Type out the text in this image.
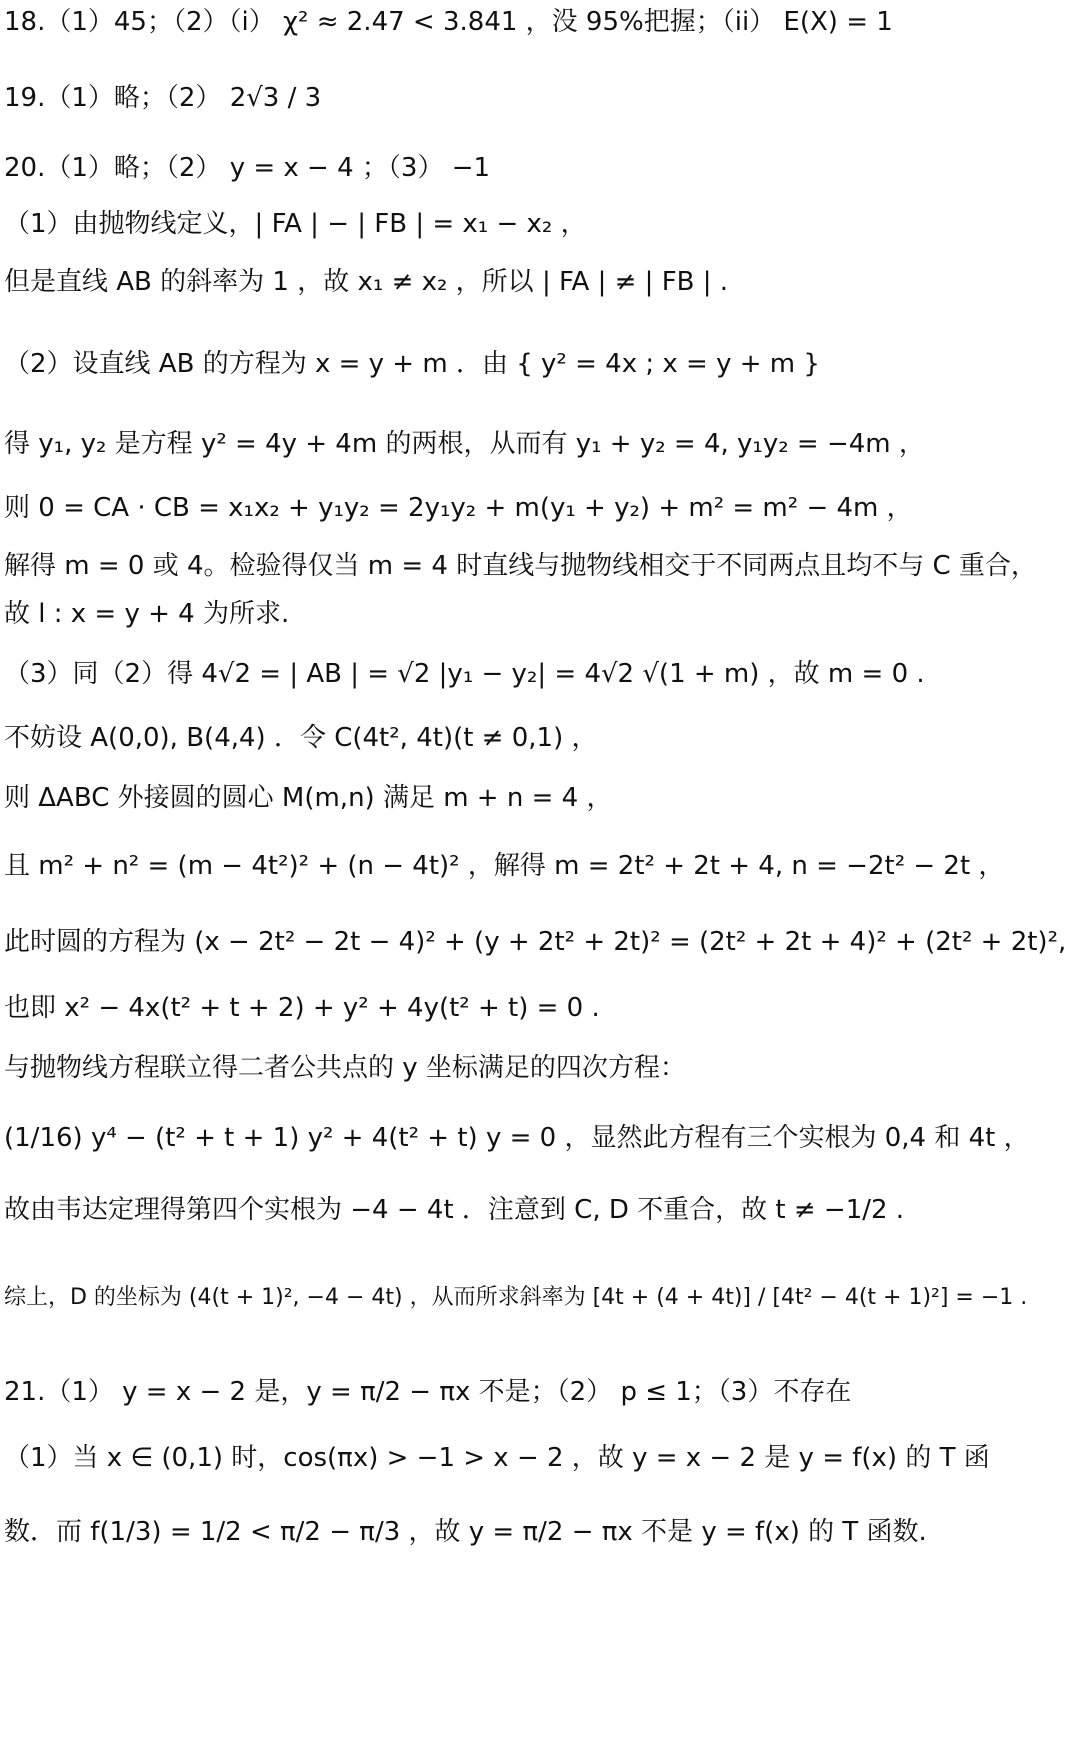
18.（1）45；（2）（i） χ² ≈ 2.47 < 3.841 ，没 95%把握；（ii） E(X) = 1
19.（1）略；（2） 2√3 / 3
20.（1）略；（2） y = x − 4 ；（3） −1
（1）由抛物线定义，| FA | − | FB | = x₁ − x₂ ，
但是直线 AB 的斜率为 1 ，故 x₁ ≠ x₂ ，所以 | FA | ≠ | FB | .
（2）设直线 AB 的方程为 x = y + m ．由 { y² = 4x ; x = y + m }
得 y₁, y₂ 是方程 y² = 4y + 4m 的两根，从而有 y₁ + y₂ = 4, y₁y₂ = −4m ，
则 0 = CA · CB = x₁x₂ + y₁y₂ = 2y₁y₂ + m(y₁ + y₂) + m² = m² − 4m ，
解得 m = 0 或 4。检验得仅当 m = 4 时直线与抛物线相交于不同两点且均不与 C 重合，
故 l : x = y + 4 为所求.
（3）同（2）得 4√2 = | AB | = √2 |y₁ − y₂| = 4√2 √(1 + m) ，故 m = 0 .
不妨设 A(0,0), B(4,4) ．令 C(4t², 4t)(t ≠ 0,1) ，
则 ΔABC 外接圆的圆心 M(m,n) 满足 m + n = 4 ，
且 m² + n² = (m − 4t²)² + (n − 4t)² ，解得 m = 2t² + 2t + 4, n = −2t² − 2t ，
此时圆的方程为 (x − 2t² − 2t − 4)² + (y + 2t² + 2t)² = (2t² + 2t + 4)² + (2t² + 2t)²,
也即 x² − 4x(t² + t + 2) + y² + 4y(t² + t) = 0 .
与抛物线方程联立得二者公共点的 y 坐标满足的四次方程：
(1/16) y⁴ − (t² + t + 1) y² + 4(t² + t) y = 0 ，显然此方程有三个实根为 0,4 和 4t ，
故由韦达定理得第四个实根为 −4 − 4t ．注意到 C, D 不重合，故 t ≠ −1/2 .
综上，D 的坐标为 (4(t + 1)², −4 − 4t) ，从而所求斜率为 [4t + (4 + 4t)] / [4t² − 4(t + 1)²] = −1 .
21.（1） y = x − 2 是，y = π/2 − πx 不是；（2） p ≤ 1；（3）不存在
（1）当 x ∈ (0,1) 时，cos(πx) > −1 > x − 2 ，故 y = x − 2 是 y = f(x) 的 T 函
数．而 f(1/3) = 1/2 < π/2 − π/3 ，故 y = π/2 − πx 不是 y = f(x) 的 T 函数.
